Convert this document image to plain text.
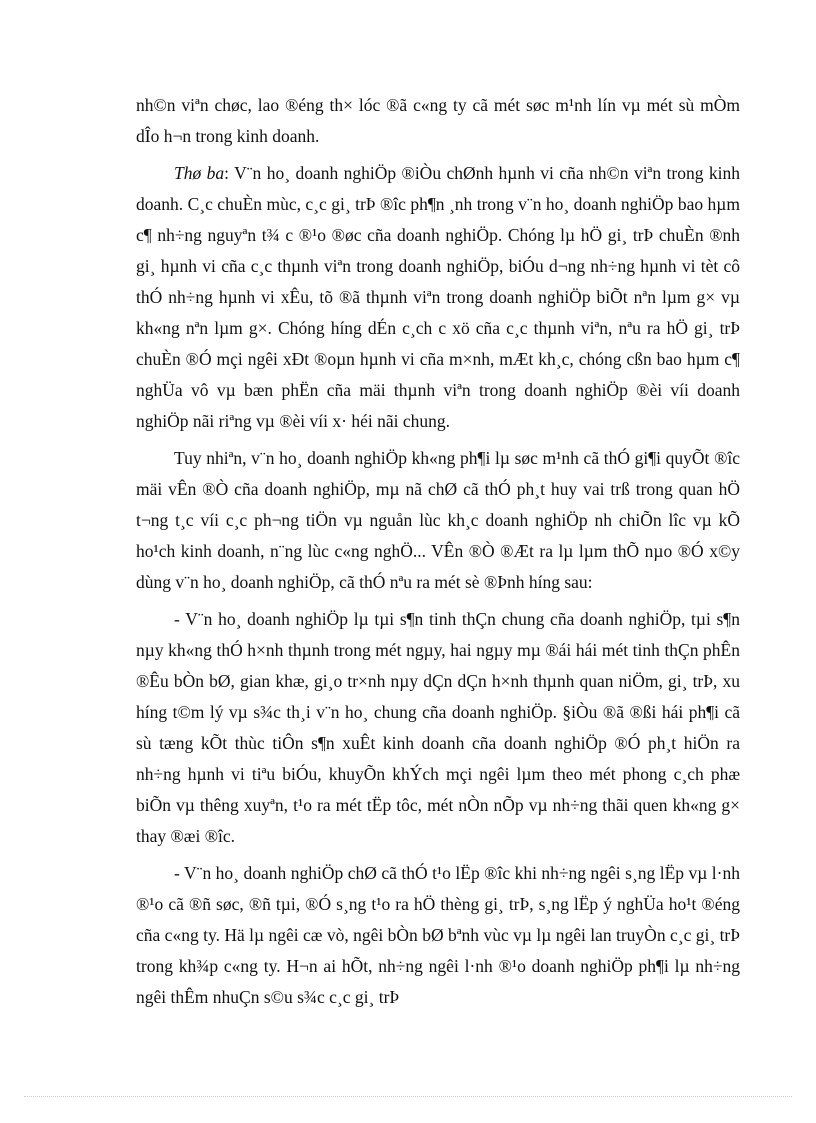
nh©n viªn chøc, lao ®éng th× lóc ®ã c«ng ty cã mét søc m¹nh lín vµ mét sù mÒm dÎo h¬n trong kinh doanh.

Thø ba: V¨n ho¸ doanh nghiÖp ®iÒu chØnh hµnh vi cña nh©n viªn trong kinh doanh. C¸c chuÈn mùc, c¸c gi¸ trÞ ®îc ph¶n ¸nh trong v¨n ho¸ doanh nghiÖp bao hµm c¶ nh÷ng nguyªn t¾ c ®¹o ®øc cña doanh nghiÖp. Chóng lµ hÖ gi¸ trÞ chuÈn ®nh gi¸ hµnh vi cña c¸c thµnh viªn trong doanh nghiÖp, biÓu d¬ng nh÷ng hµnh vi tèt cô thÓ nh÷ng hµnh vi xÊu, tõ ®ã thµnh viªn trong doanh nghiÖp biÕt nªn lµm g× vµ kh«ng nªn lµm g×. Chóng híng dÉn c¸ch c xö cña c¸c thµnh viªn, nªu ra hÖ gi¸ trÞ chuÈn ®Ó mçi ngêi xÐt ®oµn hµnh vi cña m×nh, mÆt kh¸c, chóng cßn bao hµm c¶ nghÜa vô vµ bæn phËn cña mäi thµnh viªn trong doanh nghiÖp ®èi víi doanh nghiÖp nãi riªng vµ ®èi víi x· héi nãi chung.

Tuy nhiªn, v¨n ho¸ doanh nghiÖp kh«ng ph¶i lµ søc m¹nh cã thÓ gi¶i quyÕt ®îc mäi vÊn ®Ò cña doanh nghiÖp, mµ nã chØ cã thÓ ph¸t huy vai trß trong quan hÖ t¬ng t¸c víi c¸c ph¬ng tiÖn vµ nguån lùc kh¸c doanh nghiÖp nh chiÕn lîc vµ kÕ ho¹ch kinh doanh, n¨ng lùc c«ng nghÖ... VÊn ®Ò ®Æt ra lµ lµm thÕ nµo ®Ó x©y dùng v¨n ho¸ doanh nghiÖp, cã thÓ nªu ra mét sè ®Þnh híng sau:

- V¨n ho¸ doanh nghiÖp lµ tµi s¶n tinh thÇn chung cña doanh nghiÖp, tµi s¶n nµy kh«ng thÓ h×nh thµnh trong mét ngµy, hai ngµy mµ ®ái hái mét tinh thÇn phÊn ®Êu bÒn bØ, gian khæ, gi¸o tr×nh nµy dÇn dÇn h×nh thµnh quan niÖm, gi¸ trÞ, xu híng t©m lý vµ s¾c th¸i v¨n ho¸ chung cña doanh nghiÖp. §iÒu ®ã ®ßi hái ph¶i cã sù tæng kÕt thùc tiÔn s¶n xuÊt kinh doanh cña doanh nghiÖp ®Ó ph¸t hiÖn ra nh÷ng hµnh vi tiªu biÓu, khuyÕn khÝch mçi ngêi lµm theo mét phong c¸ch phæ biÕn vµ thêng xuyªn, t¹o ra mét tËp tôc, mét nÒn nÕp vµ nh÷ng thãi quen kh«ng g× thay ®æi ®îc.

- V¨n ho¸ doanh nghiÖp chØ cã thÓ t¹o lËp ®îc khi nh÷ng ngêi s¸ng lËp vµ l·nh ®¹o cã ®ñ søc, ®ñ tµi, ®Ó s¸ng t¹o ra hÖ thèng gi¸ trÞ, s¸ng lËp ý nghÜa ho¹t ®éng cña c«ng ty. Hä lµ ngêi cæ vò, ngêi bÒn bØ bªnh vùc vµ lµ ngêi lan truyÒn c¸c gi¸ trÞ trong kh¾p c«ng ty. H¬n ai hÕt, nh÷ng ngêi l·nh ®¹o doanh nghiÖp ph¶i lµ nh÷ng ngêi thÊm nhuÇn s©u s¾c c¸c gi¸ trÞ
